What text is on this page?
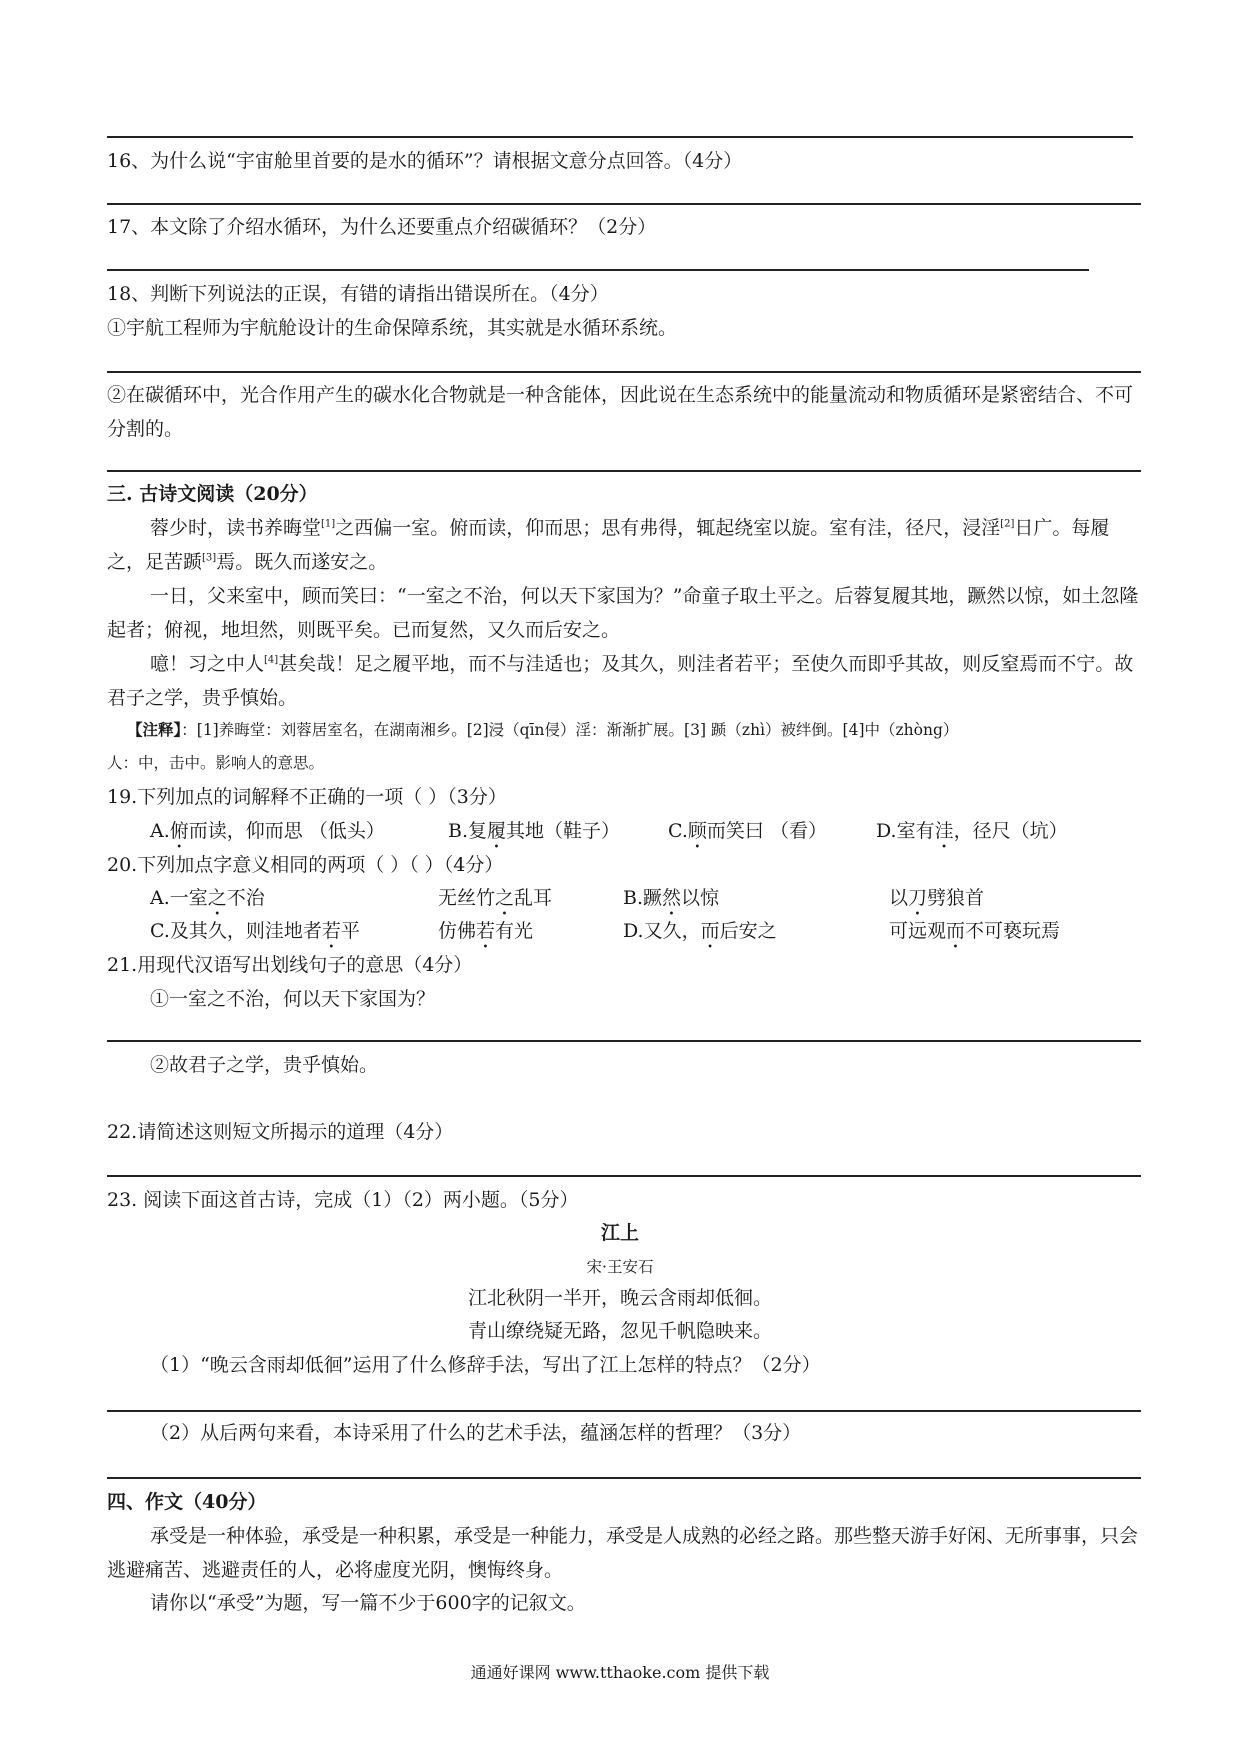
16、为什么说“宇宙舱里首要的是水的循环”？请根据文意分点回答。（4分）
17、本文除了介绍水循环，为什么还要重点介绍碳循环？（2分）
18、判断下列说法的正误，有错的请指出错误所在。（4分）
①宇航工程师为宇航舱设计的生命保障系统，其实就是水循环系统。
②在碳循环中，光合作用产生的碳水化合物就是一种含能体，因此说在生态系统中的能量流动和物质循环是紧密结合、不可分割的。
三. 古诗文阅读（20分）
蓉少时，读书养晦堂[1]之西偏一室。俯而读，仰而思；思有弗得，辄起绕室以旋。室有洼，径尺，浸淫[2]日广。每履之，足苦踬[3]焉。既久而遂安之。
一日，父来室中，顾而笑曰：“一室之不治，何以天下家国为？”命童子取土平之。后蓉复履其地，蹶然以惊，如土忽隆起者；俯视，地坦然，则既平矣。已而复然，又久而后安之。
噫！习之中人[4]甚矣哉！足之履平地，而不与洼适也；及其久，则洼者若平；至使久而即乎其故，则反窒焉而不宁。故君子之学，贵乎慎始。
【注释】：[1]养晦堂：刘蓉居室名，在湖南湘乡。[2]浸（qīn侵）淫：渐渐扩展。[3] 踬（zhì）被绊倒。[4]中（zhòng）
人：中，击中。影响人的意思。
19.下列加点的词解释不正确的一项（ ）（3分）
A.俯而读，仰而思 （低头）	B.复履其地（鞋子）	C.顾而笑曰 （看）	D.室有洼，径尺（坑）
20.下列加点字意义相同的两项（ ）（ ）（4分）
A.一室之不治	无丝竹之乱耳	B.蹶然以惊	以刀劈狼首
C.及其久，则洼地者若平	仿佛若有光	D.又久，而后安之	可远观而不可亵玩焉
21.用现代汉语写出划线句子的意思（4分）
①一室之不治，何以天下家国为？
②故君子之学，贵乎慎始。
22.请简述这则短文所揭示的道理（4分）
23. 阅读下面这首古诗，完成（1）（2）两小题。（5分）
江上
宋·王安石
江北秋阴一半开，晚云含雨却低徊。
青山缭绕疑无路，忽见千帆隐映来。
（1）“晚云含雨却低徊”运用了什么修辞手法，写出了江上怎样的特点？（2分）
（2）从后两句来看，本诗采用了什么的艺术手法，蕴涵怎样的哲理？（3分）
四、作文（40分）
承受是一种体验，承受是一种积累，承受是一种能力，承受是人成熟的必经之路。那些整天游手好闲、无所事事，只会逃避痛苦、逃避责任的人，必将虚度光阴，懊悔终身。
请你以“承受”为题，写一篇不少于600字的记叙文。
通通好课网 www.tthaoke.com 提供下载
